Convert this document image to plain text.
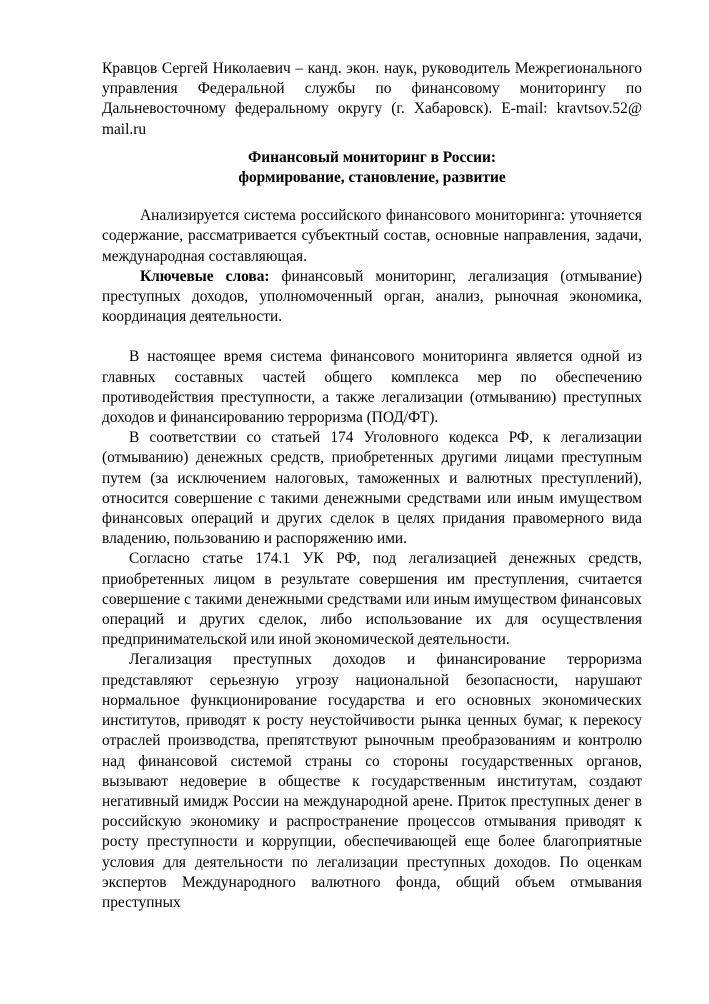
Кравцов Сергей Николаевич – канд. экон. наук, руководитель Межрегионального управления Федеральной службы по финансовому мониторингу по Дальневосточному федеральному округу (г. Хабаровск). E-mail: kravtsov.52@ mail.ru

Финансовый мониторинг в России:
формирование, становление, развитие

Анализируется система российского финансового мониторинга: уточняется содержание, рассматривается субъектный состав, основные направления, задачи, международная составляющая.

Ключевые слова: финансовый мониторинг, легализация (отмывание) преступных доходов, уполномоченный орган, анализ, рыночная экономика, координация деятельности.

В настоящее время система финансового мониторинга является одной из главных составных частей общего комплекса мер по обеспечению противодействия преступности, а также легализации (отмыванию) преступных доходов и финансированию терроризма (ПОД/ФТ).

В соответствии со статьей 174 Уголовного кодекса РФ, к легализации (отмыванию) денежных средств, приобретенных другими лицами преступным путем (за исключением налоговых, таможенных и валютных преступлений), относится совершение с такими денежными средствами или иным имуществом финансовых операций и других сделок в целях придания правомерного вида владению, пользованию и распоряжению ими.

Согласно статье 174.1 УК РФ, под легализацией денежных средств, приобретенных лицом в результате совершения им преступления, считается совершение с такими денежными средствами или иным имуществом финансовых операций и других сделок, либо использование их для осуществления предпринимательской или иной экономической деятельности.

Легализация преступных доходов и финансирование терроризма представляют серьезную угрозу национальной безопасности, нарушают нормальное функционирование государства и его основных экономических институтов, приводят к росту неустойчивости рынка ценных бумаг, к перекосу отраслей производства, препятствуют рыночным преобразованиям и контролю над финансовой системой страны со стороны государственных органов, вызывают недоверие в обществе к государственным институтам, создают негативный имидж России на международной арене. Приток преступных денег в российскую экономику и распространение процессов отмывания приводят к росту преступности и коррупции, обеспечивающей еще более благоприятные условия для деятельности по легализации преступных доходов. По оценкам экспертов Международного валютного фонда, общий объем отмывания преступных
